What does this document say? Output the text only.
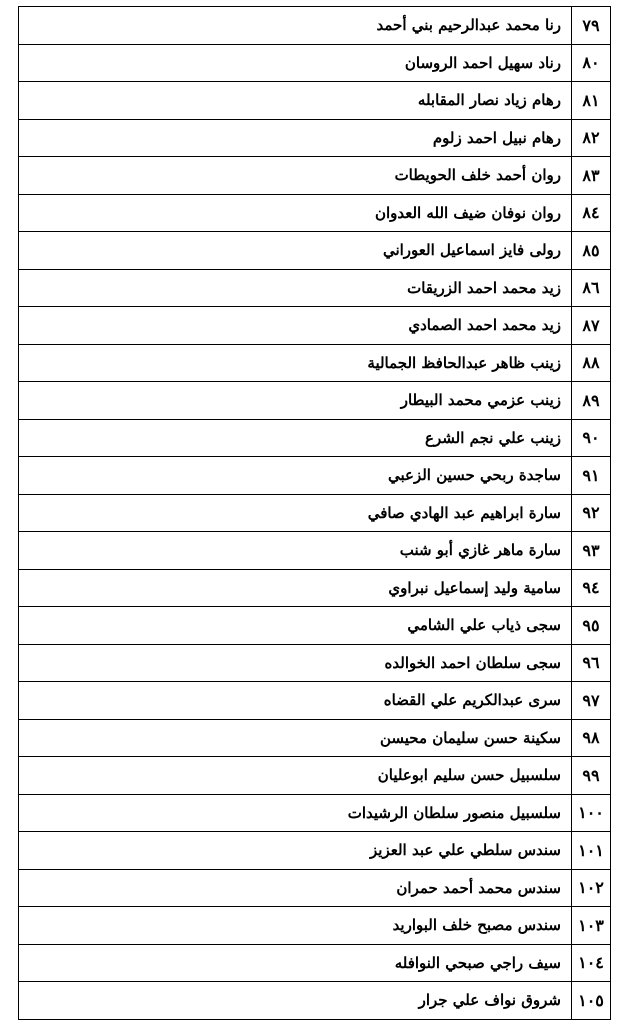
٧٩	رنا محمد عبدالرحيم بني أحمد
٨٠	رناد سهيل احمد الروسان
٨١	رهام زياد نصار المقابله
٨٢	رهام نبيل احمد زلوم
٨٣	روان أحمد خلف الحويطات
٨٤	روان نوفان ضيف الله العدوان
٨٥	رولى فايز اسماعيل العوراني
٨٦	زيد محمد احمد الزريقات
٨٧	زيد محمد احمد الصمادي
٨٨	زينب ظاهر عبدالحافظ الجمالية
٨٩	زينب عزمي محمد البيطار
٩٠	زينب علي نجم الشرع
٩١	ساجدة ربحي حسين الزعبي
٩٢	سارة ابراهيم عبد الهادي صافي
٩٣	سارة ماهر غازي أبو شنب
٩٤	سامية وليد إسماعيل نبراوي
٩٥	سجى ذياب علي الشامي
٩٦	سجى سلطان احمد الخوالده
٩٧	سرى عبدالكريم علي القضاه
٩٨	سكينة حسن سليمان محيسن
٩٩	سلسبيل حسن سليم ابوعليان
١٠٠	سلسبيل منصور سلطان الرشيدات
١٠١	سندس سلطي علي عبد العزيز
١٠٢	سندس محمد أحمد حمران
١٠٣	سندس مصبح خلف البواريد
١٠٤	سيف راجي صبحي النوافله
١٠٥	شروق نواف علي جرار
